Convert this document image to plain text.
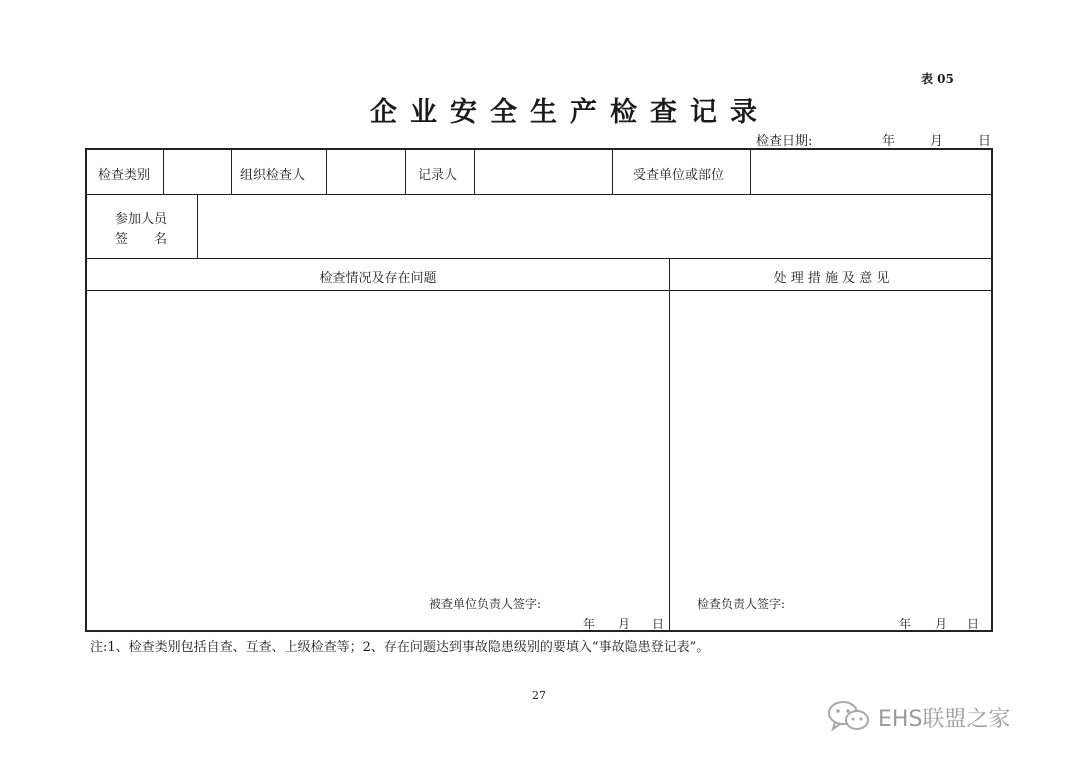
表 05
企业安全生产检查记录
检查日期:	年	月	日
检查类别	组织检查人	记录人	受查单位或部位
参加人员
签　　名
检查情况及存在问题	处 理 措 施 及 意 见
被查单位负责人签字:
年 月 日
检查负责人签字:
年 月 日
注:1、检查类别包括自查、互查、上级检查等；2、存在问题达到事故隐患级别的要填入“事故隐患登记表”。
27
EHS联盟之家
